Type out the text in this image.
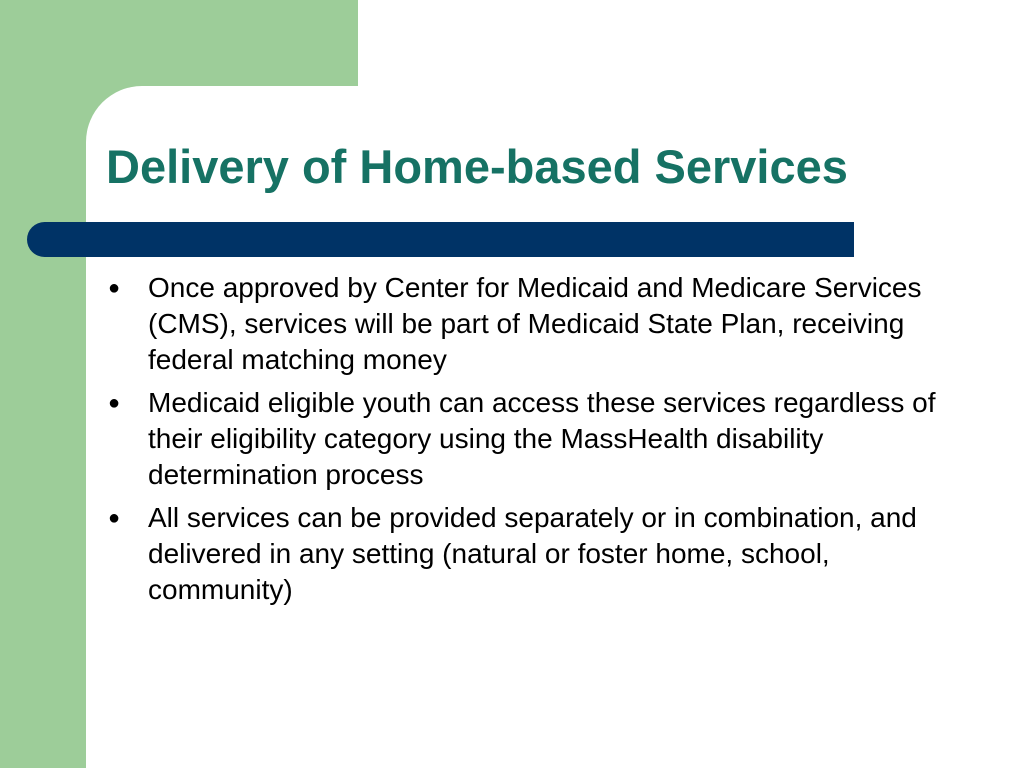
Delivery of Home-based Services
● Once approved by Center for Medicaid and Medicare Services (CMS), services will be part of Medicaid State Plan, receiving federal matching money
● Medicaid eligible youth can access these services regardless of their eligibility category using the MassHealth disability determination process
● All services can be provided separately or in combination, and delivered in any setting (natural or foster home, school, community)
